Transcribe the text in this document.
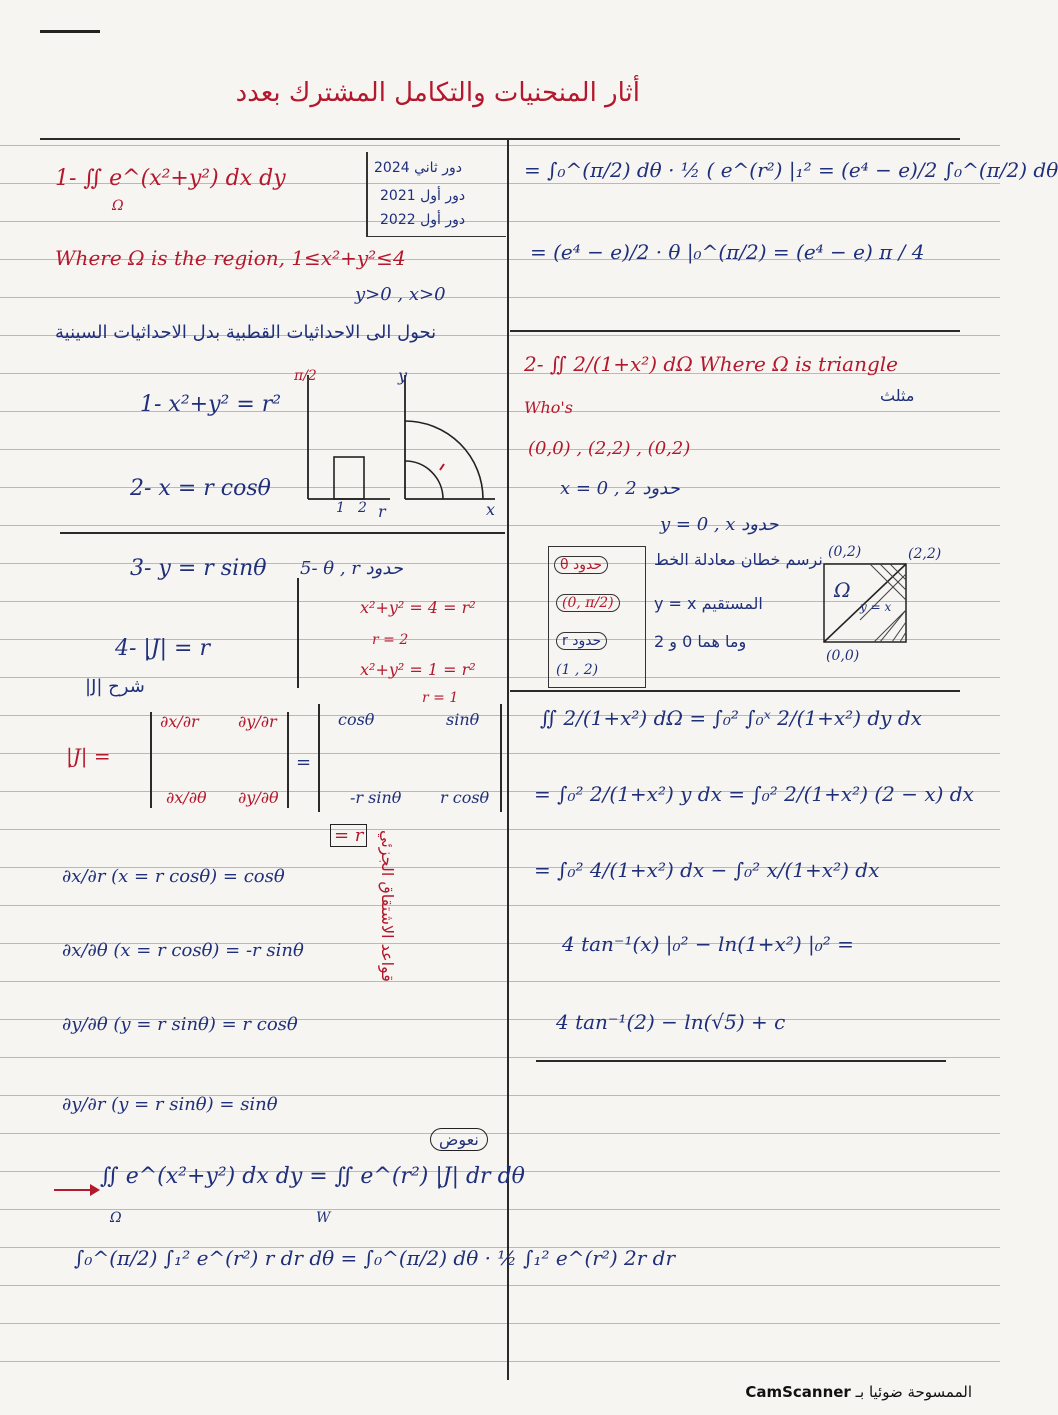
أثار المنحنيات والتكامل المشترك بعدد
1- ∬ e^(x²+y²) dx dy
Ω
دور ثاني 2024
دور أول 2021
دور أول 2022
Where Ω is the region, 1≤x²+y²≤4
y>0 , x>0
نحول الى الاحداثيات القطبية بدل الاحداثيات السينية
1- x²+y² = r²
2- x = r cosθ
π/2
1 2 r	x
y
3- y = r sinθ 5- θ , r حدود
x²+y² = 4 = r²
r = 2
x²+y² = 1 = r²
r = 1
4- |J| = r
شرح |J|
|J| =
∂x/∂r ∂y/∂r
∂x/∂θ ∂y/∂θ
=
cosθ	sinθ
-r sinθ r cosθ
= r
∂x/∂r (x = r cosθ) = cosθ
∂x/∂θ (x = r cosθ) = -r sinθ
∂y/∂θ (y = r sinθ) = r cosθ
∂y/∂r (y = r sinθ) = sinθ
قواعد الاشتقاق الجزئي
نعوض
∬ e^(x²+y²) dx dy = ∬ e^(r²) |J| dr dθ
Ω	W
∫₀^(π/2) ∫₁² e^(r²) r dr dθ = ∫₀^(π/2) dθ · ½ ∫₁² e^(r²) 2r dr
= ∫₀^(π/2) dθ · ½ ( e^(r²) |₁² = (e⁴ − e)/2 ∫₀^(π/2) dθ
= (e⁴ − e)/2 · θ |₀^(π/2) = (e⁴ − e) π / 4
2- ∬ 2/(1+x²) dΩ Where Ω is triangle
مثلث
Who's
(0,0) , (2,2) , (0,2)
x = 0 , 2 حدود
y = 0 , x حدود
نرسم خطان معادلة الخط
المستقيم y = x
وما هما 0 و 2
حدود θ
(0, π/2)
حدود r
(1 , 2)
(0,2)	(2,2)
(0,0)
Ω
y = x
∬ 2/(1+x²) dΩ = ∫₀² ∫₀ˣ 2/(1+x²) dy dx
= ∫₀² 2/(1+x²) y dx = ∫₀² 2/(1+x²) (2 − x) dx
= ∫₀² 4/(1+x²) dx − ∫₀² x/(1+x²) dx
4 tan⁻¹(x) |₀² − ln(1+x²) |₀² =
4 tan⁻¹(2) − ln(√5) + c
الممسوحة ضوئيا بـ CamScanner
